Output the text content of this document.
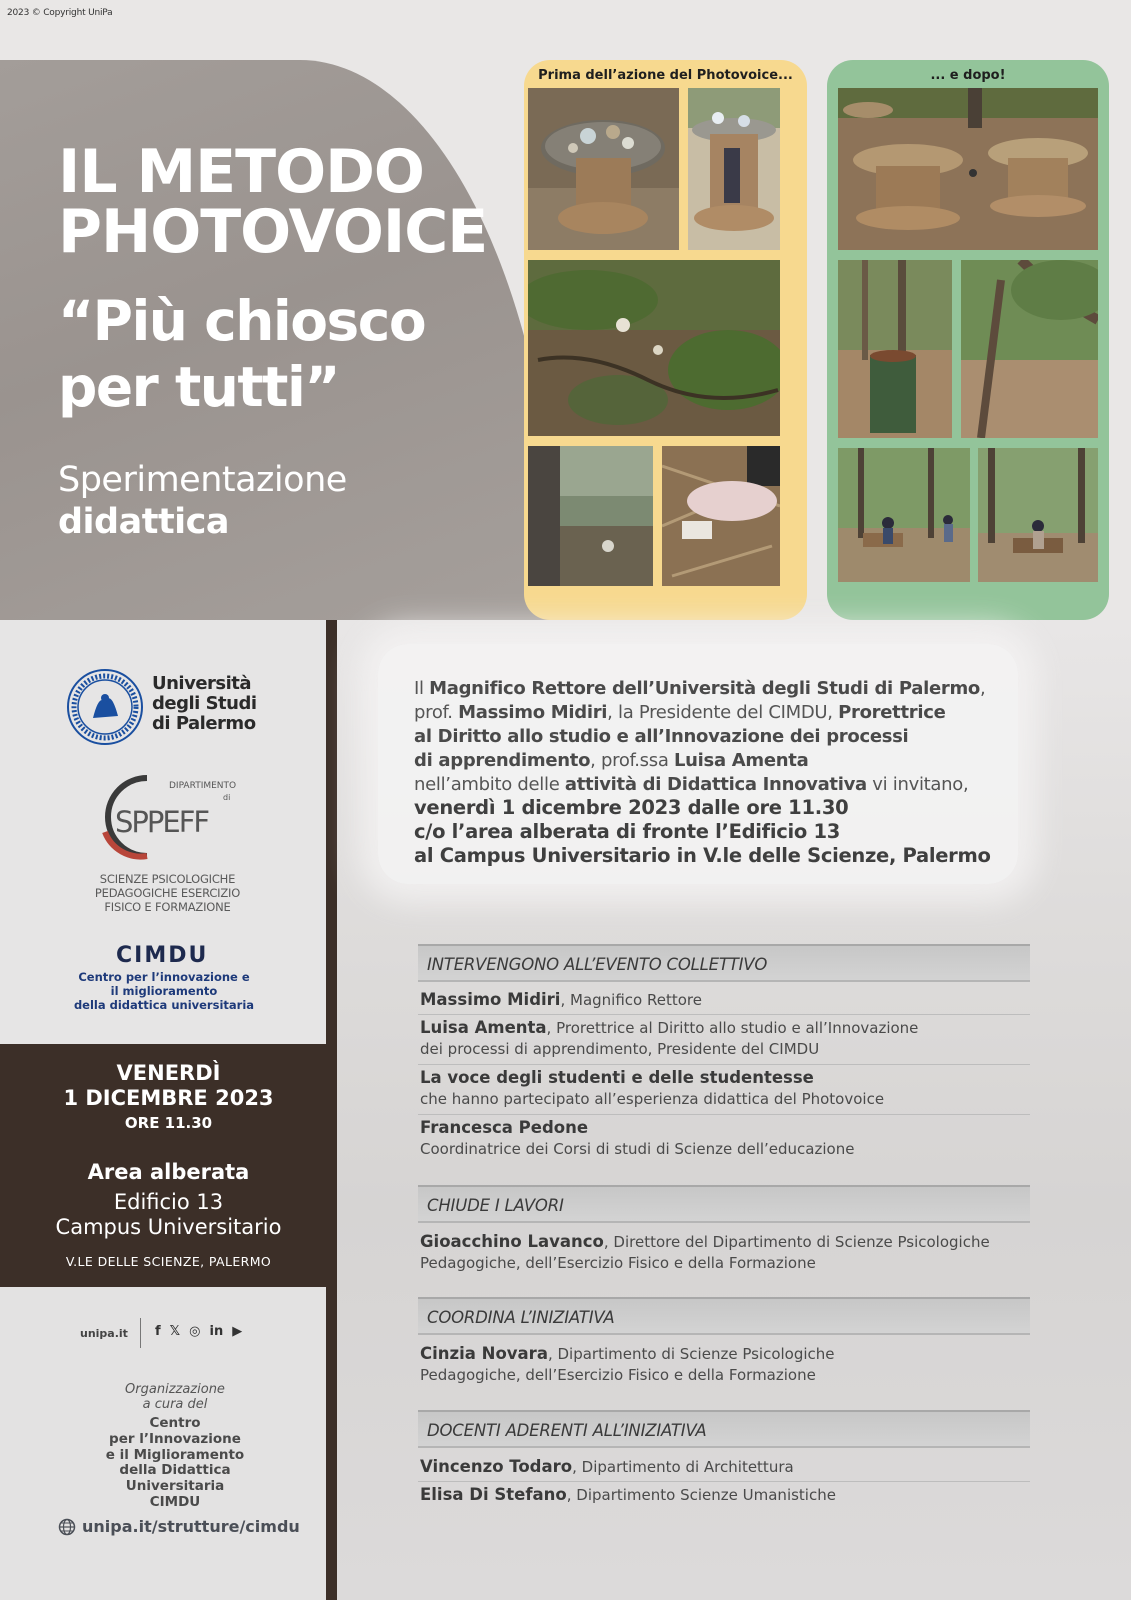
2023 © Copyright UniPa
IL METODO
PHOTOVOICE
“Più chiosco
per tutti”
Sperimentazione
didattica
Prima dell’azione del Photovoice...	... e dopo!
Università
degli Studi
di Palermo
DIPARTIMENTO
di
SPPEFF
SCIENZE PSICOLOGICHE
PEDAGOGICHE ESERCIZIO
FISICO E FORMAZIONE
CIMDU
Centro per l’innovazione e
il miglioramento
della didattica universitaria
VENERDÌ
1 DICEMBRE 2023
ORE 11.30
Area alberata
Edificio 13
Campus Universitario
V.LE DELLE SCIENZE, PALERMO
unipa.it f 𝕏 ◎ in ▶
Organizzazione
a cura del
Centro
per l’Innovazione
e il Miglioramento
della Didattica
Universitaria
CIMDU
unipa.it/strutture/cimdu
Il Magnifico Rettore dell’Università degli Studi di Palermo,
prof. Massimo Midiri, la Presidente del CIMDU, Prorettrice
al Diritto allo studio e all’Innovazione dei processi
di apprendimento, prof.ssa Luisa Amenta
nell’ambito delle attività di Didattica Innovativa vi invitano,
venerdì 1 dicembre 2023 dalle ore 11.30
c/o l’area alberata di fronte l’Edificio 13
al Campus Universitario in V.le delle Scienze, Palermo
INTERVENGONO ALL’EVENTO COLLETTIVO
Massimo Midiri, Magnifico Rettore
Luisa Amenta, Prorettrice al Diritto allo studio e all’Innovazione
dei processi di apprendimento, Presidente del CIMDU
La voce degli studenti e delle studentesse
che hanno partecipato all’esperienza didattica del Photovoice
Francesca Pedone
Coordinatrice dei Corsi di studi di Scienze dell’educazione
CHIUDE I LAVORI
Gioacchino Lavanco, Direttore del Dipartimento di Scienze Psicologiche
Pedagogiche, dell’Esercizio Fisico e della Formazione
COORDINA L’INIZIATIVA
Cinzia Novara, Dipartimento di Scienze Psicologiche
Pedagogiche, dell’Esercizio Fisico e della Formazione
DOCENTI ADERENTI ALL’INIZIATIVA
Vincenzo Todaro, Dipartimento di Architettura
Elisa Di Stefano, Dipartimento Scienze Umanistiche
